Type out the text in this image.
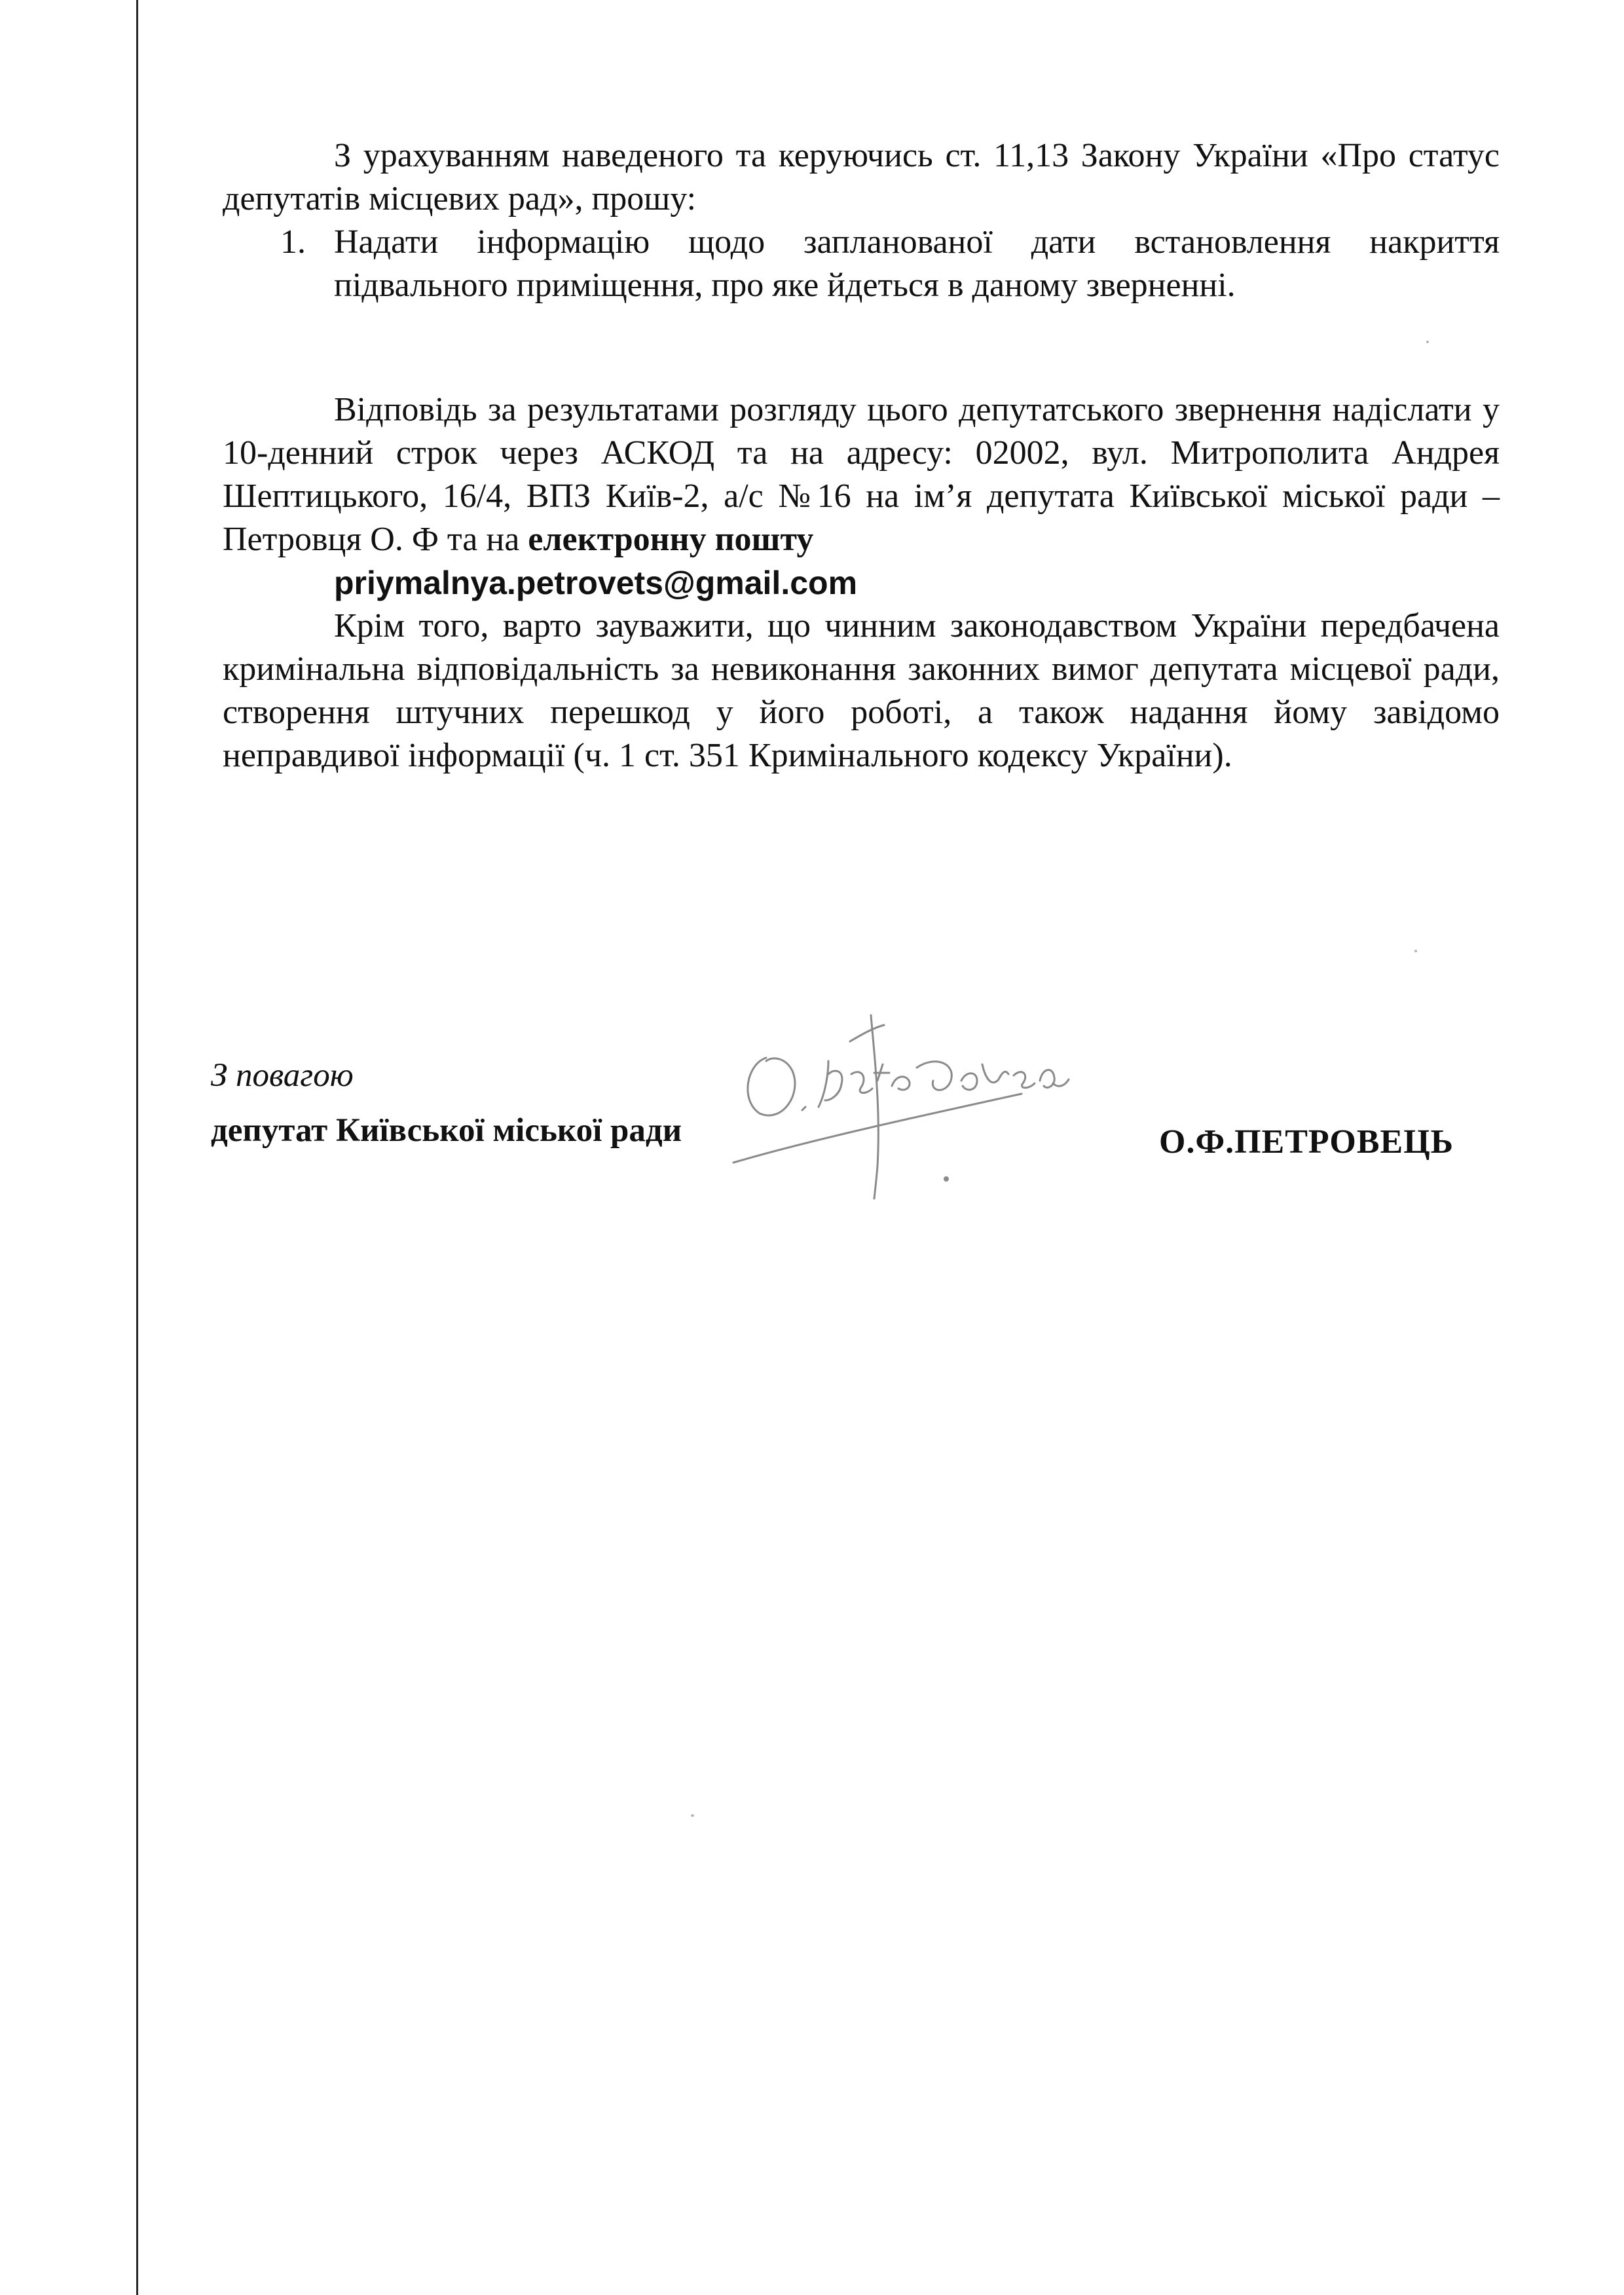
З урахуванням наведеного та керуючись ст. 11,13 Закону України «Про статус депутатів місцевих рад», прошу:

1. Надати інформацію щодо запланованої дати встановлення накриття підвального приміщення, про яке йдеться в даному зверненні.

Відповідь за результатами розгляду цього депутатського звернення надіслати у 10-денний строк через АСКОД та на адресу: 02002, вул. Митрополита Андрея Шептицького, 16/4, ВПЗ Київ-2, а/с №16 на ім’я депутата Київської міської ради – Петровця О. Ф та на електронну пошту
priymalnya.petrovets@gmail.com

Крім того, варто зауважити, що чинним законодавством України передбачена кримінальна відповідальність за невиконання законних вимог депутата місцевої ради, створення штучних перешкод у його роботі, а також надання йому завідомо неправдивої інформації (ч. 1 ст. 351 Кримінального кодексу України).

З повагою
депутат Київської міської ради	О.Ф.ПЕТРОВЕЦЬ
